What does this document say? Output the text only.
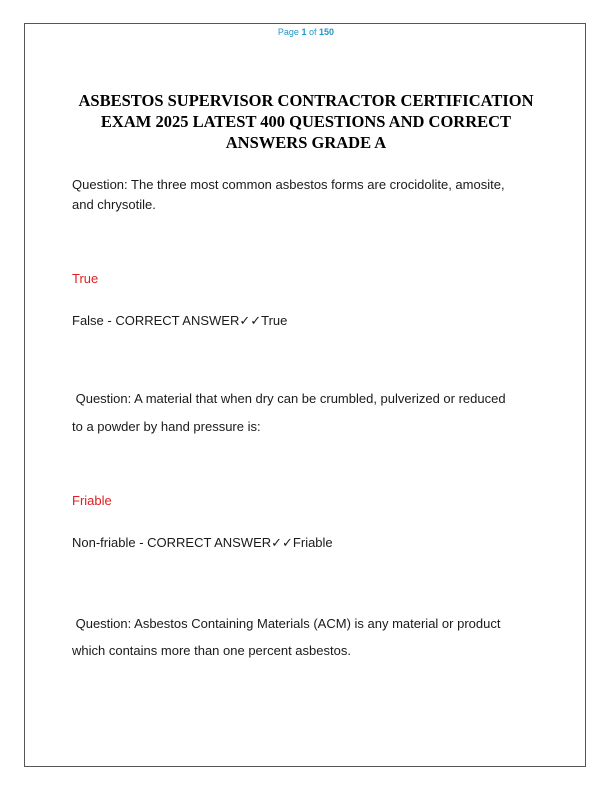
Page 1 of 150
ASBESTOS SUPERVISOR CONTRACTOR CERTIFICATION
EXAM 2025 LATEST 400 QUESTIONS AND CORRECT
ANSWERS GRADE A
Question: The three most common asbestos forms are crocidolite, amosite,
and chrysotile.
True
False - CORRECT ANSWER✓✓True
Question: A material that when dry can be crumbled, pulverized or reduced
to a powder by hand pressure is:
Friable
Non-friable - CORRECT ANSWER✓✓Friable
Question: Asbestos Containing Materials (ACM) is any material or product
which contains more than one percent asbestos.
